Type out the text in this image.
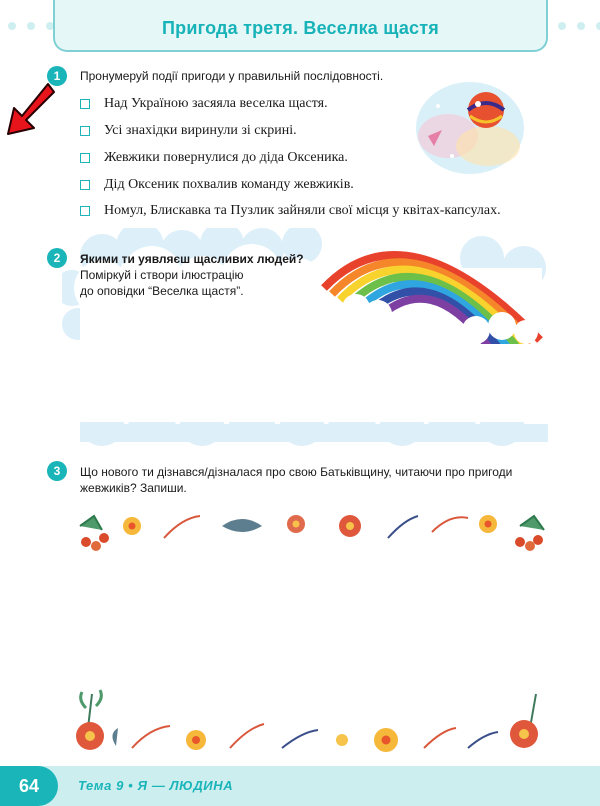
Пригода третя. Веселка щастя
1	Пронумеруй події пригоди у правильній послідовності.
Над Україною засяяла веселка щастя.
Усі знахідки виринули зі скрині.
Жевжики повернулися до діда Оксеника.
Дід Оксеник похвалив команду жевжиків.
Номул, Блискавка та Пузлик зайняли свої місця у квітах-капсулах.
2	Якими ти уявляєш щасливих людей?
Поміркуй і створи ілюстрацію
до оповідки “Веселка щастя”.
3	Що нового ти дізнався/дізналася про свою Батьківщину, читаючи про пригоди
жевжиків? Запиши.
64	Тема 9 • Я — ЛЮДИНА
